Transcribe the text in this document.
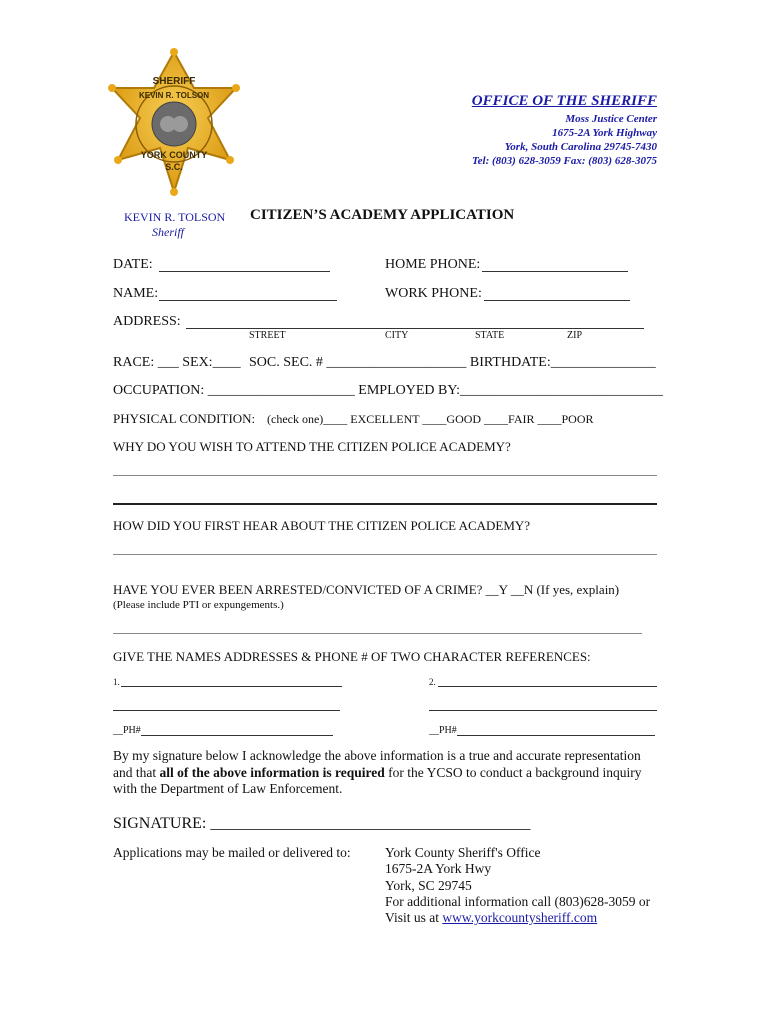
SHERIFF
KEVIN R. TOLSON
YORK COUNTY
S.C.
OFFICE OF THE SHERIFF
Moss Justice Center
1675-2A York Highway
York, South Carolina 29745-7430
Tel: (803) 628-3059 Fax: (803) 628-3075
KEVIN R. TOLSON
Sheriff
CITIZEN’S ACADEMY APPLICATION
DATE:	HOME PHONE:
NAME:	WORK PHONE:
ADDRESS:
STREET	CITY	STATE	ZIP
RACE: ___ SEX:____ SOC. SEC. # ____________________ BIRTHDATE:_______________
OCCUPATION: _____________________ EMPLOYED BY:_____________________________
PHYSICAL CONDITION: (check one)____ EXCELLENT ____GOOD ____FAIR ____POOR
WHY DO YOU WISH TO ATTEND THE CITIZEN POLICE ACADEMY?
HOW DID YOU FIRST HEAR ABOUT THE CITIZEN POLICE ACADEMY?
HAVE YOU EVER BEEN ARRESTED/CONVICTED OF A CRIME? __Y __N (If yes, explain)
(Please include PTI or expungements.)
GIVE THE NAMES ADDRESSES & PHONE # OF TWO CHARACTER REFERENCES:
1.	2.
__PH#	__PH#
By my signature below I acknowledge the above information is a true and accurate representation and that all of the above information is required for the YCSO to conduct a background inquiry with the Department of Law Enforcement.
SIGNATURE: ________________________________________
Applications may be mailed or delivered to:	York County Sheriff's Office
1675-2A York Hwy
York, SC 29745
For additional information call (803)628-3059 or
Visit us at www.yorkcountysheriff.com
